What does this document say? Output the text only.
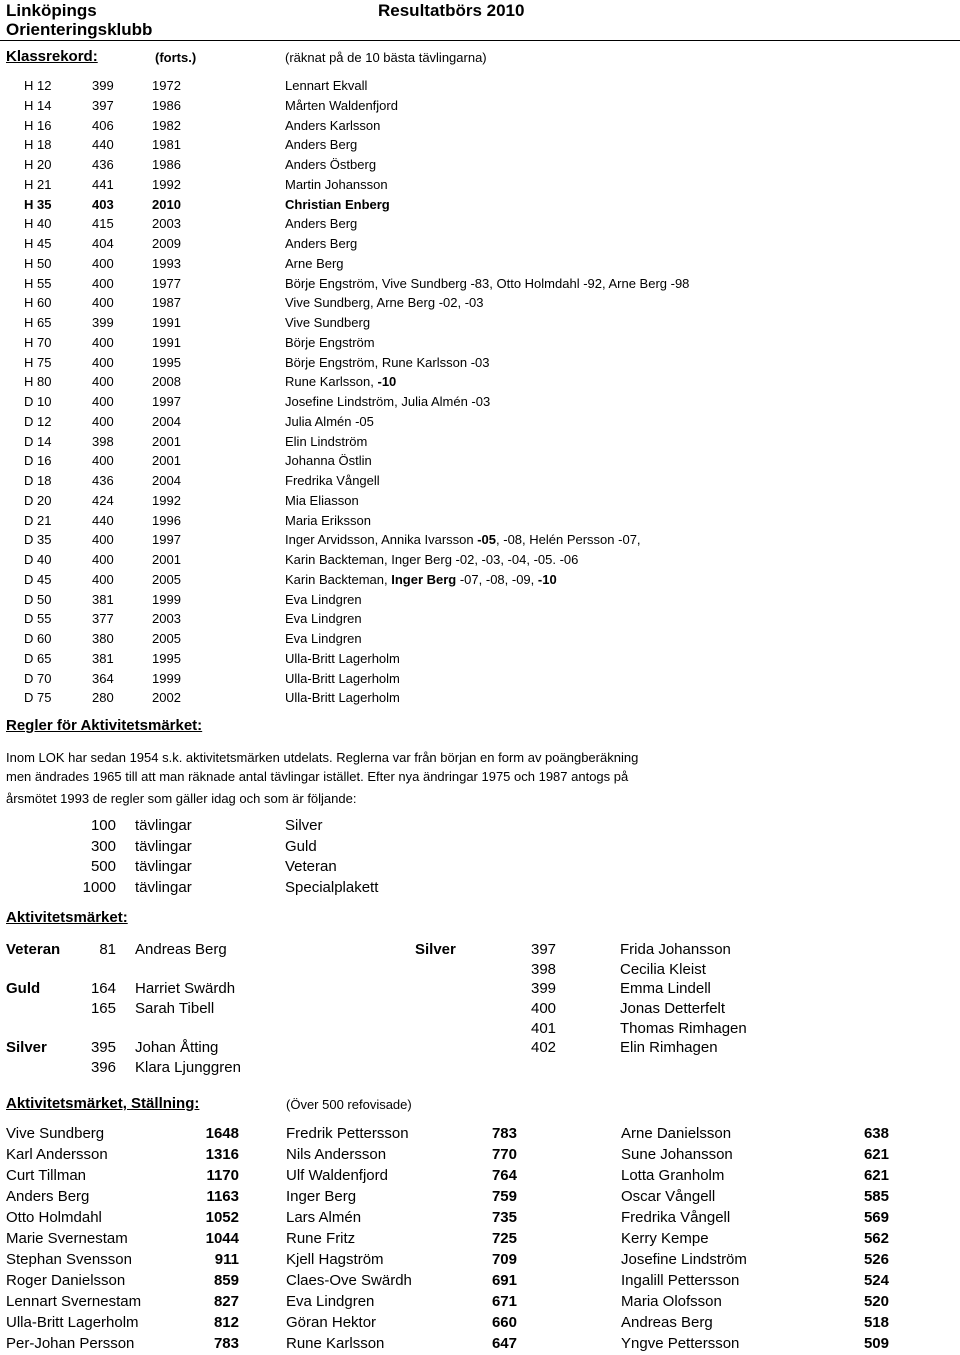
Linköpings
Orienteringsklubb
Resultatbörs 2010
Klassrekord:	(forts.)	(räknat på de 10 bästa tävlingarna)
H 12	399	1972	Lennart Ekvall
H 14	397	1986	Mårten Waldenfjord
H 16	406	1982	Anders Karlsson
H 18	440	1981	Anders Berg
H 20	436	1986	Anders Östberg
H 21	441	1992	Martin Johansson
H 35	403	2010	Christian Enberg
H 40	415	2003	Anders Berg
H 45	404	2009	Anders Berg
H 50	400	1993	Arne Berg
H 55	400	1977	Börje Engström, Vive Sundberg -83, Otto Holmdahl -92, Arne Berg -98
H 60	400	1987	Vive Sundberg, Arne Berg -02, -03
H 65	399	1991	Vive Sundberg
H 70	400	1991	Börje Engström
H 75	400	1995	Börje Engström, Rune Karlsson -03
H 80	400	2008	Rune Karlsson, -10
D 10	400	1997	Josefine Lindström, Julia Almén -03
D 12	400	2004	Julia Almén -05
D 14	398	2001	Elin Lindström
D 16	400	2001	Johanna Östlin
D 18	436	2004	Fredrika Vångell
D 20	424	1992	Mia Eliasson
D 21	440	1996	Maria Eriksson
D 35	400	1997	Inger Arvidsson, Annika Ivarsson -05, -08, Helén Persson -07,
D 40	400	2001	Karin Backteman, Inger Berg -02, -03, -04, -05. -06
D 45	400	2005	Karin Backteman, Inger Berg -07, -08, -09, -10
D 50	381	1999	Eva Lindgren
D 55	377	2003	Eva Lindgren
D 60	380	2005	Eva Lindgren
D 65	381	1995	Ulla-Britt Lagerholm
D 70	364	1999	Ulla-Britt Lagerholm
D 75	280	2002	Ulla-Britt Lagerholm
Regler för Aktivitetsmärket:
Inom LOK har sedan 1954 s.k. aktivitetsmärken utdelats. Reglerna var från början en form av poängberäkning
men ändrades 1965 till att man räknade antal tävlingar istället. Efter nya ändringar 1975 och 1987 antogs på
årsmötet 1993 de regler som gäller idag och som är följande:
100 tävlingar	Silver
300 tävlingar	Guld
500 tävlingar	Veteran
1000 tävlingar	Specialplakett
Aktivitetsmärket:
Veteran	81 Andreas Berg
Guld	164 Harriet Swärdh
165 Sarah Tibell
Silver	395 Johan Åtting
396 Klara Ljunggren
Silver	397	Frida Johansson
398	Cecilia Kleist
399	Emma Lindell
400	Jonas Detterfelt
401	Thomas Rimhagen
402	Elin Rimhagen
Aktivitetsmärket, Ställning:	(Över 500 refovisade)
Vive Sundberg	1648
Karl Andersson	1316
Curt Tillman	1170
Anders Berg	1163
Otto Holmdahl	1052
Marie Svernestam	1044
Stephan Svensson	911
Roger Danielsson	859
Lennart Svernestam	827
Ulla-Britt Lagerholm	812
Per-Johan Persson	783
Fredrik Pettersson	783
Nils Andersson	770
Ulf Waldenfjord	764
Inger Berg	759
Lars Almén	735
Rune Fritz	725
Kjell Hagström	709
Claes-Ove Swärdh	691
Eva Lindgren	671
Göran Hektor	660
Rune Karlsson	647
Arne Danielsson	638
Sune Johansson	621
Lotta Granholm	621
Oscar Vångell	585
Fredrika Vångell	569
Kerry Kempe	562
Josefine Lindström	526
Ingalill Pettersson	524
Maria Olofsson	520
Andreas Berg	518
Yngve Pettersson	509
